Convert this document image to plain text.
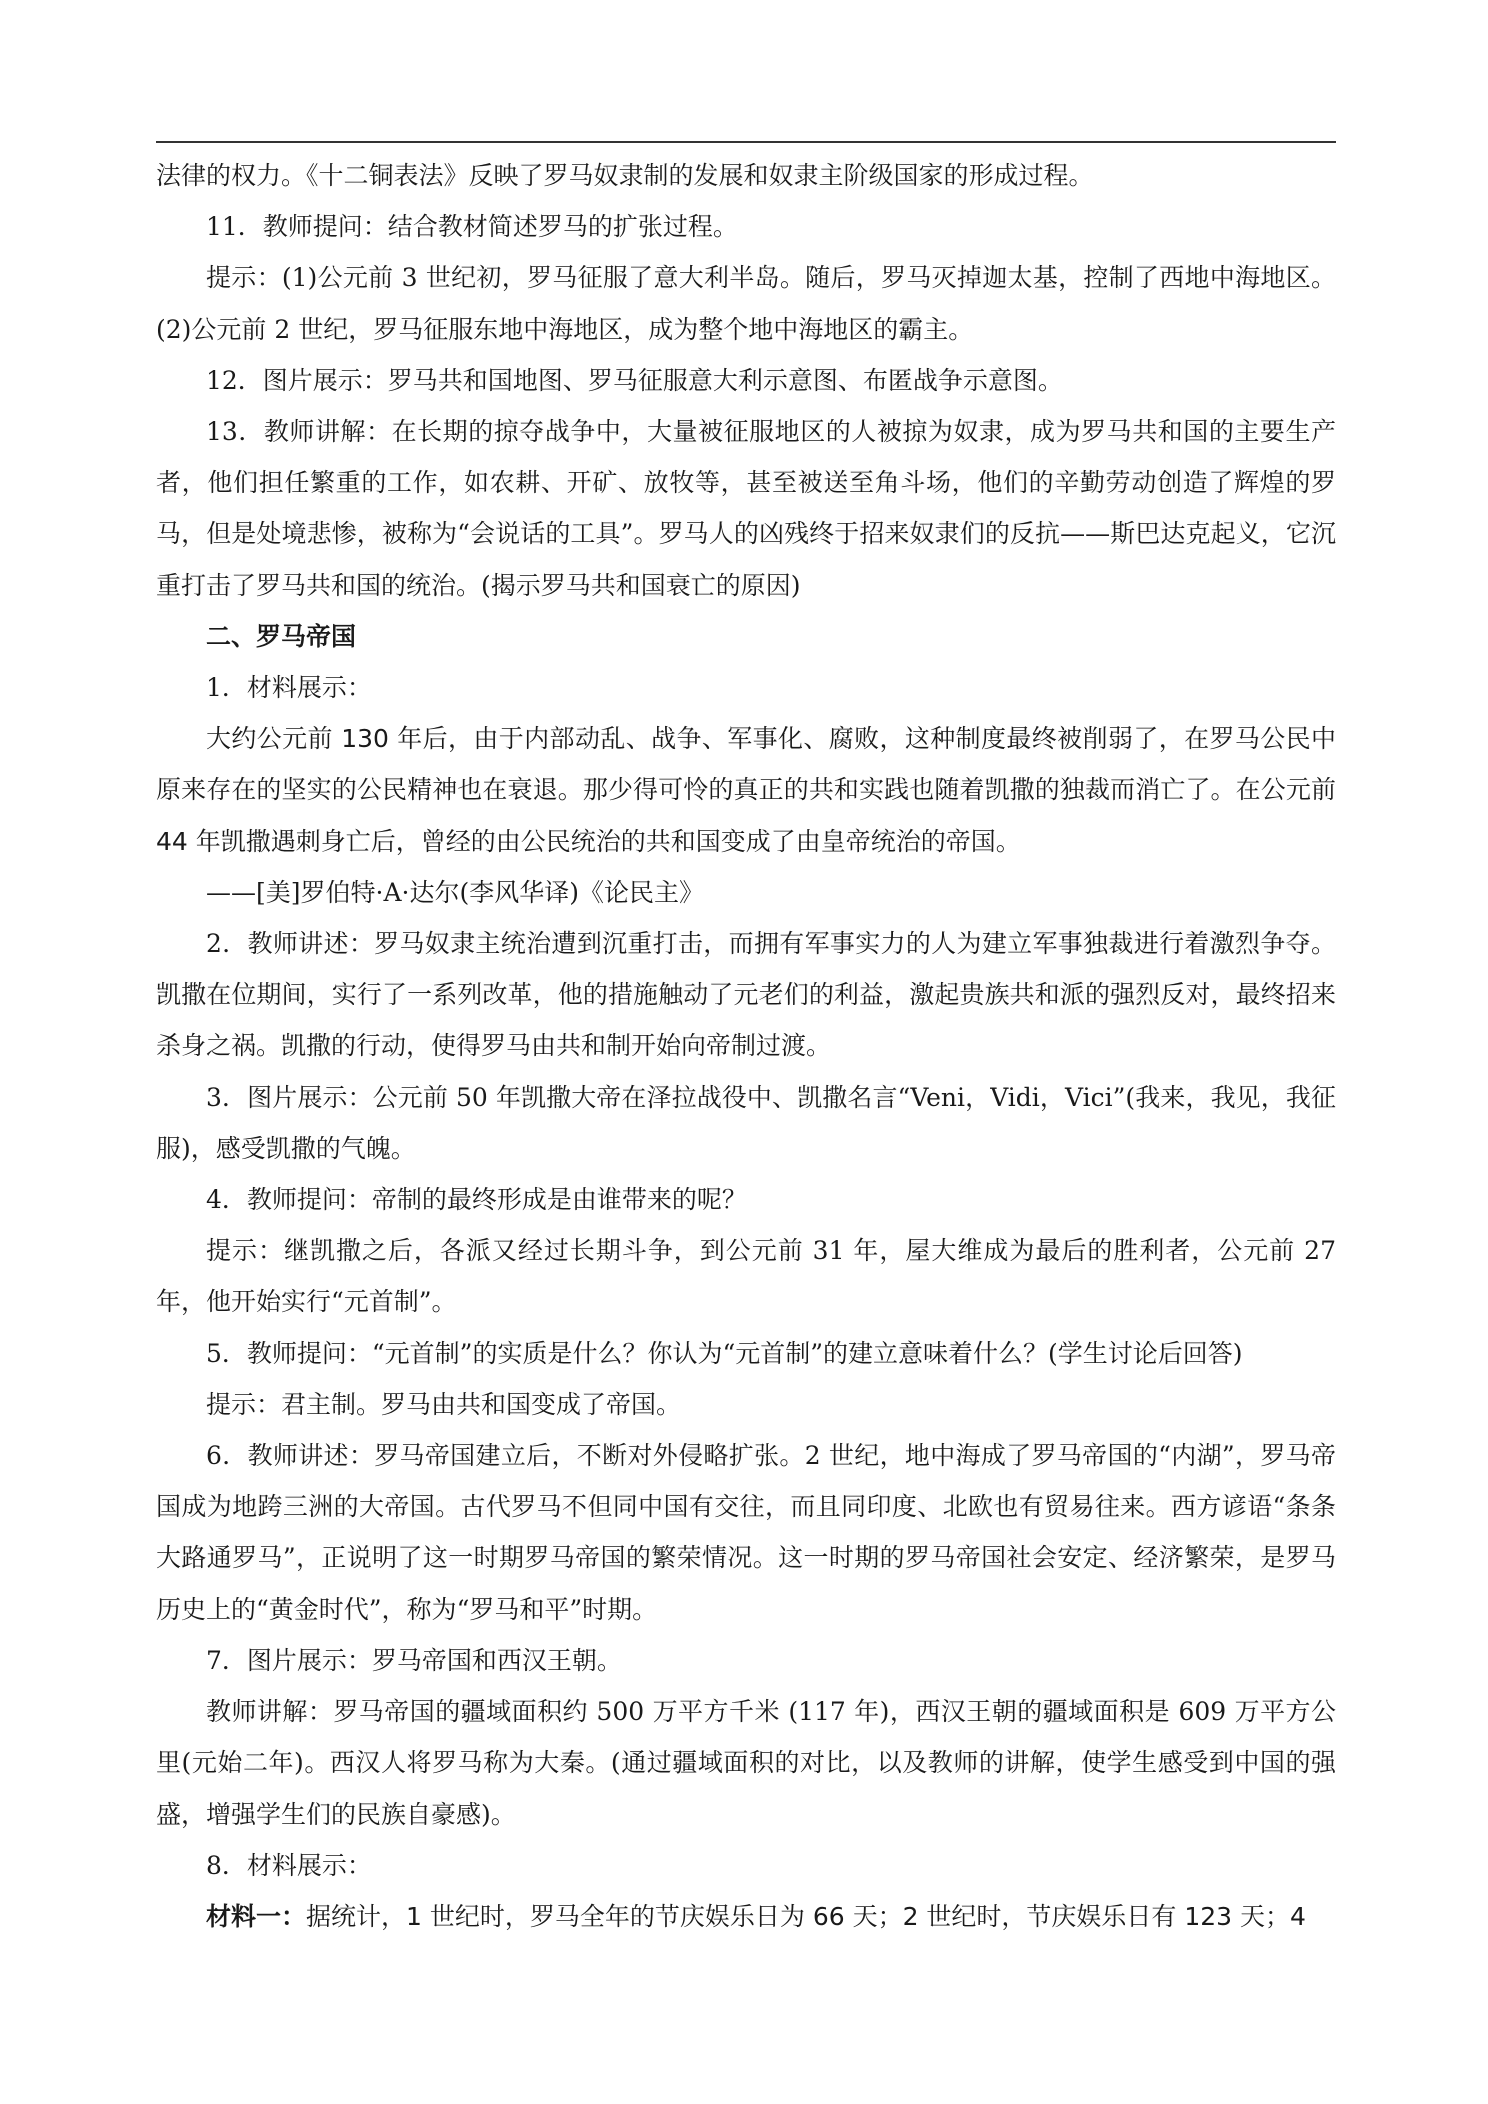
法律的权力。《十二铜表法》反映了罗马奴隶制的发展和奴隶主阶级国家的形成过程。

11．教师提问：结合教材简述罗马的扩张过程。

提示：(1)公元前 3 世纪初，罗马征服了意大利半岛。随后，罗马灭掉迦太基，控制了西地中海地区。(2)公元前 2 世纪，罗马征服东地中海地区，成为整个地中海地区的霸主。

12．图片展示：罗马共和国地图、罗马征服意大利示意图、布匿战争示意图。

13．教师讲解：在长期的掠夺战争中，大量被征服地区的人被掠为奴隶，成为罗马共和国的主要生产者，他们担任繁重的工作，如农耕、开矿、放牧等，甚至被送至角斗场，他们的辛勤劳动创造了辉煌的罗马，但是处境悲惨，被称为“会说话的工具”。罗马人的凶残终于招来奴隶们的反抗——斯巴达克起义，它沉重打击了罗马共和国的统治。(揭示罗马共和国衰亡的原因)

二、罗马帝国

1．材料展示：

大约公元前 130 年后，由于内部动乱、战争、军事化、腐败，这种制度最终被削弱了，在罗马公民中原来存在的坚实的公民精神也在衰退。那少得可怜的真正的共和实践也随着凯撒的独裁而消亡了。在公元前 44 年凯撒遇刺身亡后，曾经的由公民统治的共和国变成了由皇帝统治的帝国。

——[美]罗伯特·A·达尔(李风华译)《论民主》

2．教师讲述：罗马奴隶主统治遭到沉重打击，而拥有军事实力的人为建立军事独裁进行着激烈争夺。凯撒在位期间，实行了一系列改革，他的措施触动了元老们的利益，激起贵族共和派的强烈反对，最终招来杀身之祸。凯撒的行动，使得罗马由共和制开始向帝制过渡。

3．图片展示：公元前 50 年凯撒大帝在泽拉战役中、凯撒名言“Veni，Vidi，Vici”(我来，我见，我征服)，感受凯撒的气魄。

4．教师提问：帝制的最终形成是由谁带来的呢？

提示：继凯撒之后，各派又经过长期斗争，到公元前 31 年，屋大维成为最后的胜利者，公元前 27 年，他开始实行“元首制”。

5．教师提问：“元首制”的实质是什么？你认为“元首制”的建立意味着什么？(学生讨论后回答)

提示：君主制。罗马由共和国变成了帝国。

6．教师讲述：罗马帝国建立后，不断对外侵略扩张。2 世纪，地中海成了罗马帝国的“内湖”，罗马帝国成为地跨三洲的大帝国。古代罗马不但同中国有交往，而且同印度、北欧也有贸易往来。西方谚语“条条大路通罗马”，正说明了这一时期罗马帝国的繁荣情况。这一时期的罗马帝国社会安定、经济繁荣，是罗马历史上的“黄金时代”，称为“罗马和平”时期。

7．图片展示：罗马帝国和西汉王朝。

教师讲解：罗马帝国的疆域面积约 500 万平方千米 (117 年)，西汉王朝的疆域面积是 609 万平方公里(元始二年)。西汉人将罗马称为大秦。(通过疆域面积的对比，以及教师的讲解，使学生感受到中国的强盛，增强学生们的民族自豪感)。

8．材料展示：

材料一：据统计，1 世纪时，罗马全年的节庆娱乐日为 66 天；2 世纪时，节庆娱乐日有 123 天；4
